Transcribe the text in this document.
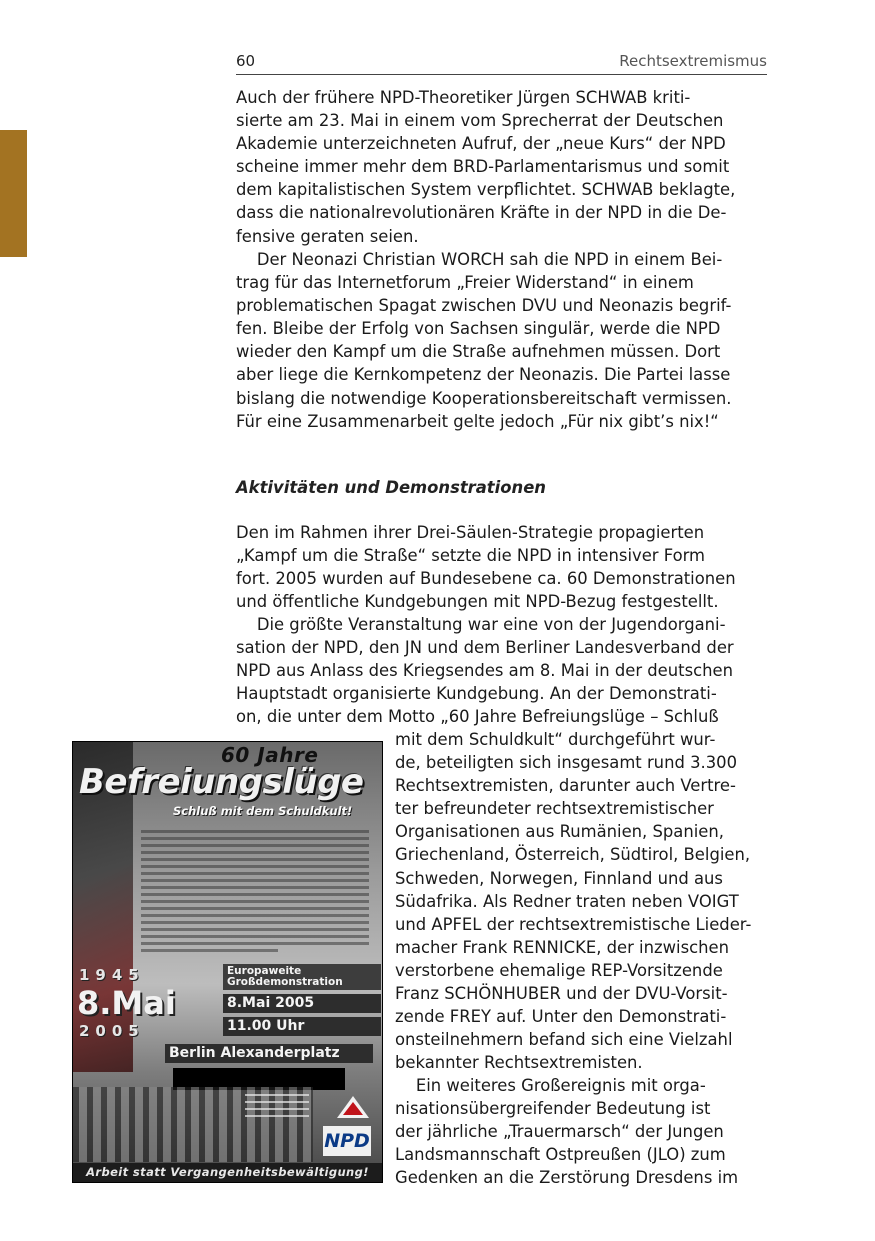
60	Rechtsextremismus

Auch der frühere NPD-Theoretiker Jürgen SCHWAB kriti-
sierte am 23. Mai in einem vom Sprecherrat der Deutschen
Akademie unterzeichneten Aufruf, der „neue Kurs“ der NPD
scheine immer mehr dem BRD-Parlamentarismus und somit
dem kapitalistischen System verpflichtet. SCHWAB beklagte,
dass die nationalrevolutionären Kräfte in der NPD in die De-
fensive geraten seien.

Der Neonazi Christian WORCH sah die NPD in einem Bei-
trag für das Internetforum „Freier Widerstand“ in einem
problematischen Spagat zwischen DVU und Neonazis begrif-
fen. Bleibe der Erfolg von Sachsen singulär, werde die NPD
wieder den Kampf um die Straße aufnehmen müssen. Dort
aber liege die Kernkompetenz der Neonazis. Die Partei lasse
bislang die notwendige Kooperationsbereitschaft vermissen.
Für eine Zusammenarbeit gelte jedoch „Für nix gibt’s nix!“

Aktivitäten und Demonstrationen

Den im Rahmen ihrer Drei-Säulen-Strategie propagierten
„Kampf um die Straße“ setzte die NPD in intensiver Form
fort. 2005 wurden auf Bundesebene ca. 60 Demonstrationen
und öffentliche Kundgebungen mit NPD-Bezug festgestellt.

Die größte Veranstaltung war eine von der Jugendorgani-
sation der NPD, den JN und dem Berliner Landesverband der
NPD aus Anlass des Kriegsendes am 8. Mai in der deutschen
Hauptstadt organisierte Kundgebung. An der Demonstrati-
on, die unter dem Motto „60 Jahre Befreiungslüge – Schluß

mit dem Schuldkult“ durchgeführt wur-
de, beteiligten sich insgesamt rund 3.300
Rechtsextremisten, darunter auch Vertre-
ter befreundeter rechtsextremistischer
Organisationen aus Rumänien, Spanien,
Griechenland, Österreich, Südtirol, Belgien,
Schweden, Norwegen, Finnland und aus
Südafrika. Als Redner traten neben VOIGT
und APFEL der rechtsextremistische Lieder-
macher Frank RENNICKE, der inzwischen
verstorbene ehemalige REP-Vorsitzende
Franz SCHÖNHUBER und der DVU-Vorsit-
zende FREY auf. Unter den Demonstrati-
onsteilnehmern befand sich eine Vielzahl
bekannter Rechtsextremisten.

Ein weiteres Großereignis mit orga-
nisationsübergreifender Bedeutung ist
der jährliche „Trauermarsch“ der Jungen
Landsmannschaft Ostpreußen (JLO) zum
Gedenken an die Zerstörung Dresdens im

60 Jahre
Befreiungslüge
Schluß mit dem Schuldkult!
1945
8.Mai
2005
Europaweite Großdemonstration
8.Mai 2005
11.00 Uhr
Berlin Alexanderplatz
NPD
Arbeit statt Vergangenheitsbewältigung!
